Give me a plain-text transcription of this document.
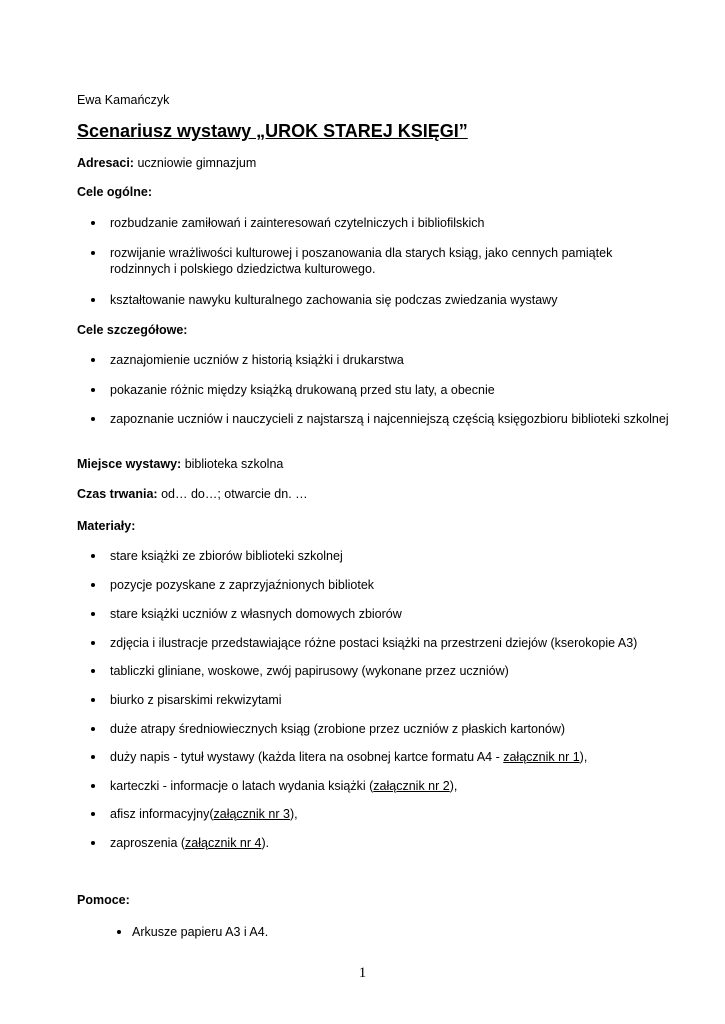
Ewa Kamańczyk
Scenariusz wystawy „UROK STAREJ KSIĘGI”
Adresaci: uczniowie gimnazjum
Cele ogólne:
rozbudzanie zamiłowań i zainteresowań czytelniczych i bibliofilskich
rozwijanie wrażliwości kulturowej i poszanowania dla starych ksiąg, jako cennych pamiątek rodzinnych i polskiego dziedzictwa kulturowego.
kształtowanie nawyku kulturalnego zachowania się podczas zwiedzania wystawy
Cele szczegółowe:
zaznajomienie uczniów z historią książki i drukarstwa
pokazanie różnic między książką drukowaną przed stu laty, a obecnie
zapoznanie uczniów i nauczycieli z najstarszą i najcenniejszą częścią księgozbioru biblioteki szkolnej
Miejsce wystawy: biblioteka szkolna
Czas trwania: od… do…; otwarcie dn. …
Materiały:
stare książki ze zbiorów biblioteki szkolnej
pozycje pozyskane z zaprzyjaźnionych bibliotek
stare książki uczniów z własnych domowych zbiorów
zdjęcia i ilustracje przedstawiające różne postaci książki na przestrzeni dziejów (kserokopie A3)
tabliczki gliniane, woskowe, zwój papirusowy (wykonane przez uczniów)
biurko z pisarskimi rekwizytami
duże atrapy średniowiecznych ksiąg (zrobione przez uczniów z płaskich kartonów)
duży napis - tytuł wystawy (każda litera na osobnej kartce formatu A4 - załącznik nr 1),
karteczki - informacje o latach wydania książki (załącznik nr 2),
afisz informacyjny(załącznik nr 3),
zaproszenia (załącznik nr 4).
Pomoce:
Arkusze papieru A3 i A4.
1
